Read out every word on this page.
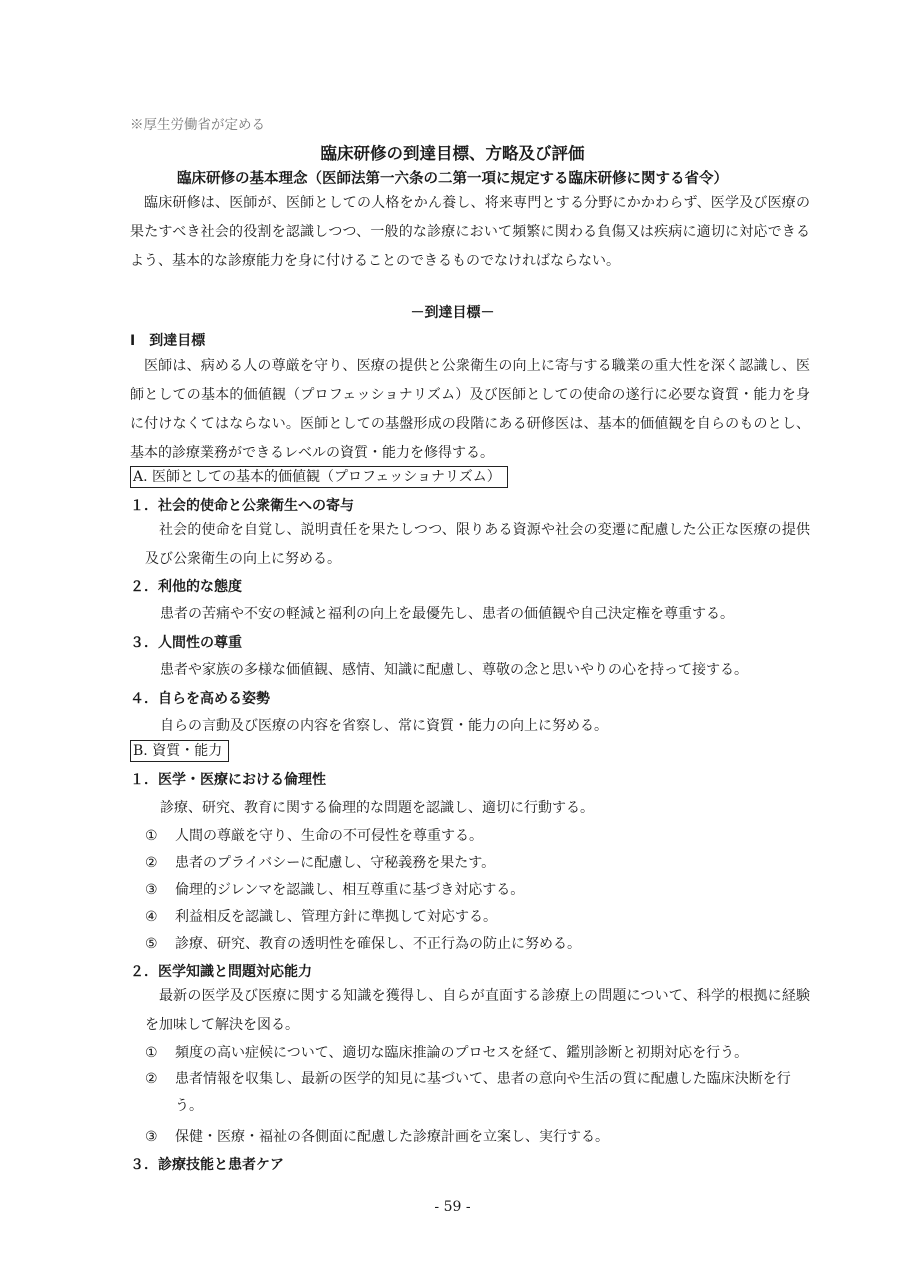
※厚生労働省が定める
臨床研修の到達目標、方略及び評価
臨床研修の基本理念（医師法第一六条の二第一項に規定する臨床研修に関する省令）
臨床研修は、医師が、医師としての人格をかん養し、将来専門とする分野にかかわらず、医学及び医療の果たすべき社会的役割を認識しつつ、一般的な診療において頻繁に関わる負傷又は疾病に適切に対応できるよう、基本的な診療能力を身に付けることのできるものでなければならない。
－到達目標－
Ⅰ　到達目標
医師は、病める人の尊厳を守り、医療の提供と公衆衛生の向上に寄与する職業の重大性を深く認識し、医師としての基本的価値観（プロフェッショナリズム）及び医師としての使命の遂行に必要な資質・能力を身に付けなくてはならない。医師としての基盤形成の段階にある研修医は、基本的価値観を自らのものとし、基本的診療業務ができるレベルの資質・能力を修得する。
A. 医師としての基本的価値観（プロフェッショナリズム）
１．社会的使命と公衆衛生への寄与
社会的使命を自覚し、説明責任を果たしつつ、限りある資源や社会の変遷に配慮した公正な医療の提供及び公衆衛生の向上に努める。
２．利他的な態度
患者の苦痛や不安の軽減と福利の向上を最優先し、患者の価値観や自己決定権を尊重する。
３．人間性の尊重
患者や家族の多様な価値観、感情、知識に配慮し、尊敬の念と思いやりの心を持って接する。
４．自らを高める姿勢
自らの言動及び医療の内容を省察し、常に資質・能力の向上に努める。
B. 資質・能力
１．医学・医療における倫理性
診療、研究、教育に関する倫理的な問題を認識し、適切に行動する。
① 人間の尊厳を守り、生命の不可侵性を尊重する。
② 患者のプライバシーに配慮し、守秘義務を果たす。
③ 倫理的ジレンマを認識し、相互尊重に基づき対応する。
④ 利益相反を認識し、管理方針に準拠して対応する。
⑤ 診療、研究、教育の透明性を確保し、不正行為の防止に努める。
２．医学知識と問題対応能力
最新の医学及び医療に関する知識を獲得し、自らが直面する診療上の問題について、科学的根拠に経験を加味して解決を図る。
① 頻度の高い症候について、適切な臨床推論のプロセスを経て、鑑別診断と初期対応を行う。
②	患者情報を収集し、最新の医学的知見に基づいて、患者の意向や生活の質に配慮した臨床決断を行う。
③ 保健・医療・福祉の各側面に配慮した診療計画を立案し、実行する。
３．診療技能と患者ケア
- 59 -
